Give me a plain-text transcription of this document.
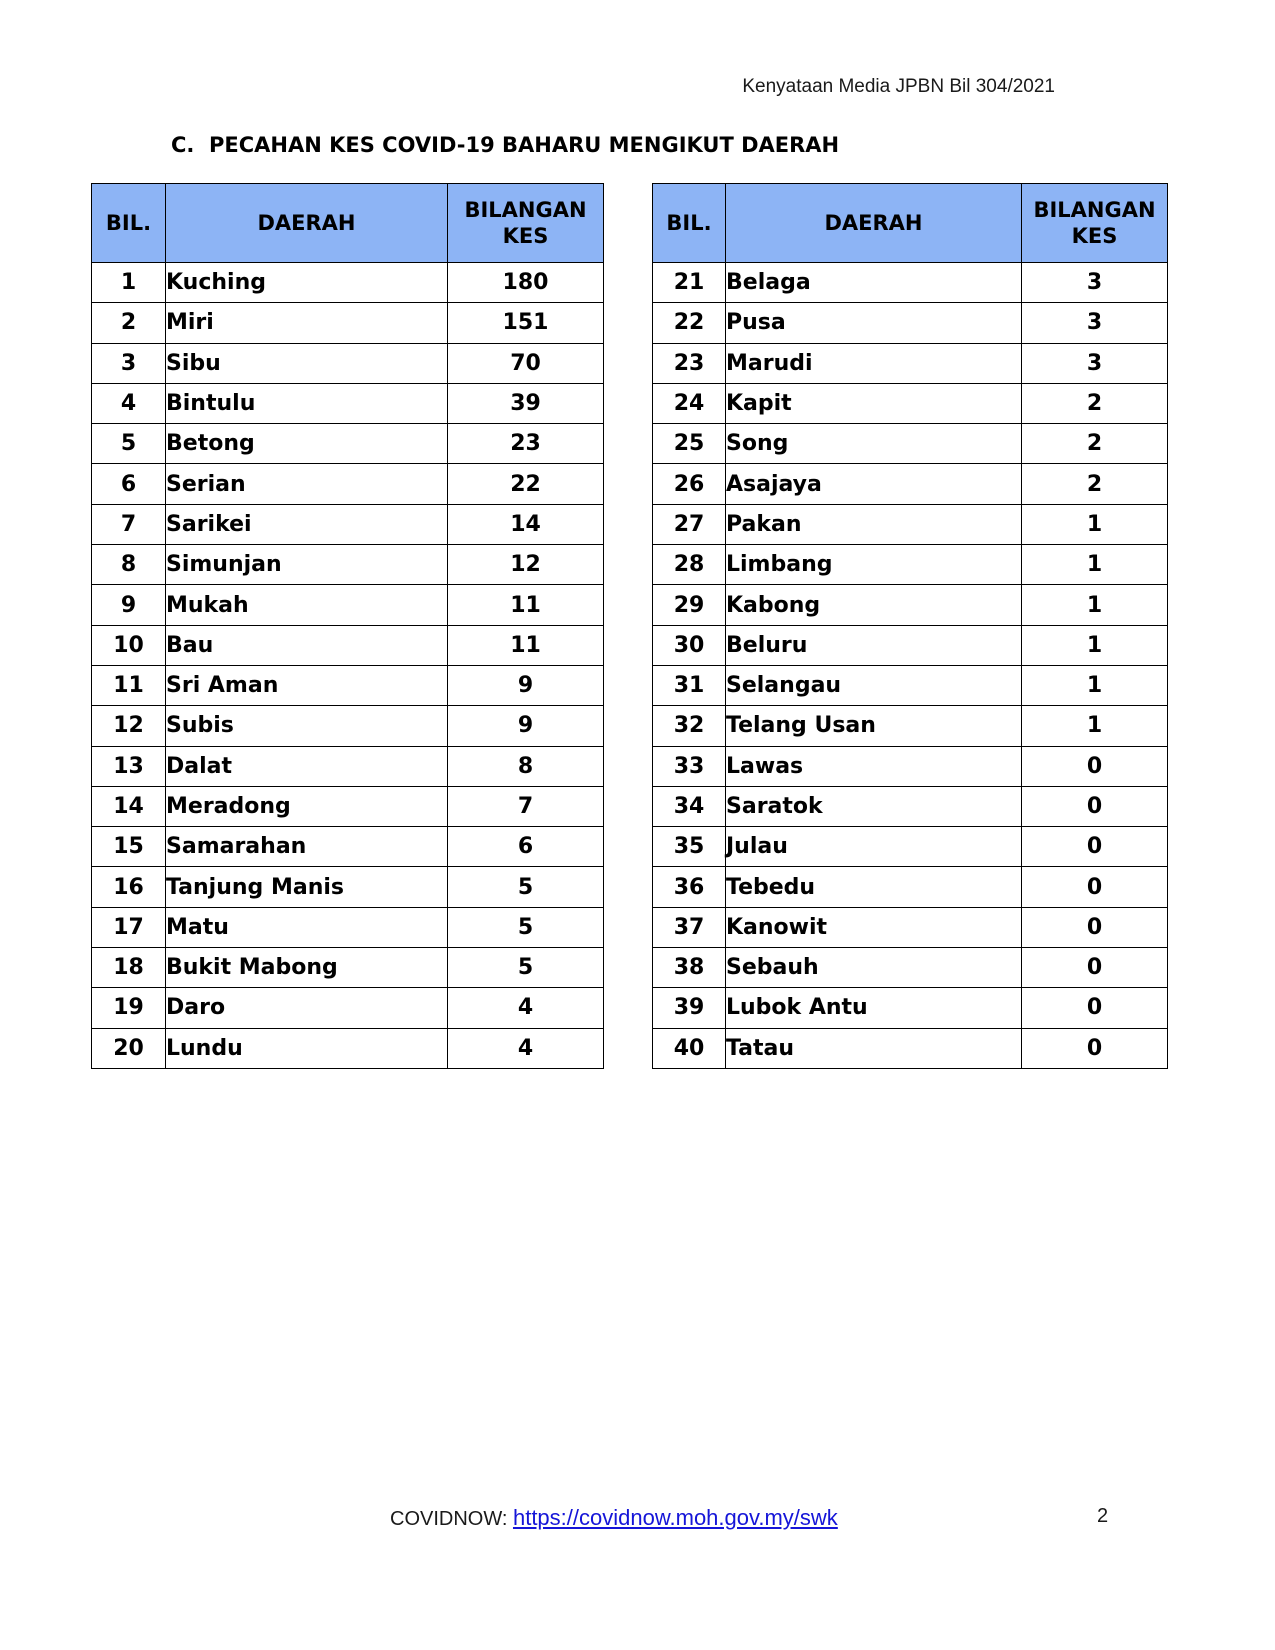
Kenyataan Media JPBN Bil 304/2021
C.  PECAHAN KES COVID-19 BAHARU MENGIKUT DAERAH
BIL.	DAERAH	BILANGAN
KES
1	Kuching	180
2	Miri	151
3	Sibu	70
4	Bintulu	39
5	Betong	23
6	Serian	22
7	Sarikei	14
8	Simunjan	12
9	Mukah	11
10	Bau	11
11	Sri Aman	9
12	Subis	9
13	Dalat	8
14	Meradong	7
15	Samarahan	6
16	Tanjung Manis	5
17	Matu	5
18	Bukit Mabong	5
19	Daro	4
20	Lundu	4
BIL.	DAERAH	BILANGAN
KES
21	Belaga	3
22	Pusa	3
23	Marudi	3
24	Kapit	2
25	Song	2
26	Asajaya	2
27	Pakan	1
28	Limbang	1
29	Kabong	1
30	Beluru	1
31	Selangau	1
32	Telang Usan	1
33	Lawas	0
34	Saratok	0
35	Julau	0
36	Tebedu	0
37	Kanowit	0
38	Sebauh	0
39	Lubok Antu	0
40	Tatau	0
COVIDNOW: https://covidnow.moh.gov.my/swk	2
